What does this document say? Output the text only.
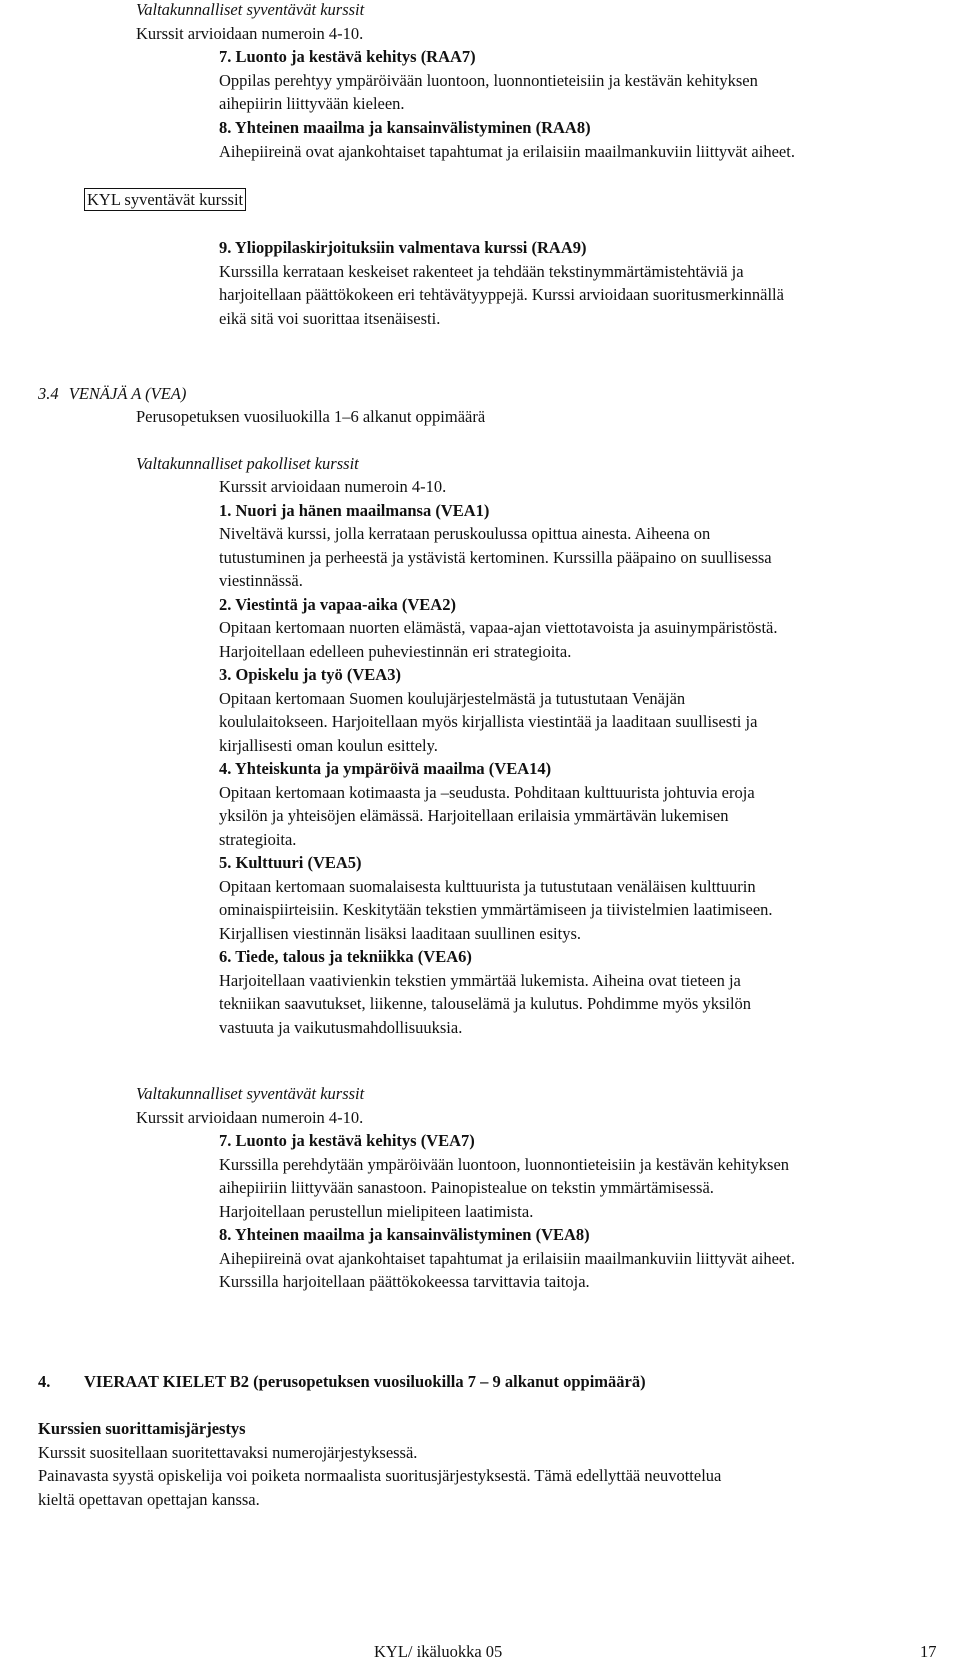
Valtakunnalliset syventävät kurssit
Kurssit arvioidaan numeroin 4-10.
7. Luonto ja kestävä kehitys (RAA7)
Oppilas perehtyy ympäröivään luontoon, luonnontieteisiin ja kestävän kehityksen
aihepiirin liittyvään kieleen.
8. Yhteinen maailma ja kansainvälistyminen (RAA8)
Aihepiireinä ovat ajankohtaiset tapahtumat ja erilaisiin maailmankuviin liittyvät aiheet.
KYL syventävät kurssit
9. Ylioppilaskirjoituksiin valmentava kurssi (RAA9)
Kurssilla kerrataan keskeiset rakenteet ja tehdään tekstinymmärtämistehtäviä ja
harjoitellaan päättökokeen eri tehtävätyyppejä. Kurssi arvioidaan suoritusmerkinnällä
eikä sitä voi suorittaa itsenäisesti.
3.4 VENÄJÄ A (VEA)
Perusopetuksen vuosiluokilla 1–6 alkanut oppimäärä
Valtakunnalliset pakolliset kurssit
Kurssit arvioidaan numeroin 4-10.
1. Nuori ja hänen maailmansa (VEA1)
Niveltävä kurssi, jolla kerrataan peruskoulussa opittua ainesta. Aiheena on
tutustuminen ja perheestä ja ystävistä kertominen. Kurssilla pääpaino on suullisessa
viestinnässä.
2. Viestintä ja vapaa-aika (VEA2)
Opitaan kertomaan nuorten elämästä, vapaa-ajan viettotavoista ja asuinympäristöstä.
Harjoitellaan edelleen puheviestinnän eri strategioita.
3. Opiskelu ja työ (VEA3)
Opitaan kertomaan Suomen koulujärjestelmästä ja tutustutaan Venäjän
koululaitokseen. Harjoitellaan myös kirjallista viestintää ja laaditaan suullisesti ja
kirjallisesti oman koulun esittely.
4. Yhteiskunta ja ympäröivä maailma (VEA14)
Opitaan kertomaan kotimaasta ja –seudusta. Pohditaan kulttuurista johtuvia eroja
yksilön ja yhteisöjen elämässä. Harjoitellaan erilaisia ymmärtävän lukemisen
strategioita.
5. Kulttuuri (VEA5)
Opitaan kertomaan suomalaisesta kulttuurista ja tutustutaan venäläisen kulttuurin
ominaispiirteisiin. Keskitytään tekstien ymmärtämiseen ja tiivistelmien laatimiseen.
Kirjallisen viestinnän lisäksi laaditaan suullinen esitys.
6. Tiede, talous ja tekniikka (VEA6)
Harjoitellaan vaativienkin tekstien ymmärtää lukemista. Aiheina ovat tieteen ja
tekniikan saavutukset, liikenne, talouselämä ja kulutus. Pohdimme myös yksilön
vastuuta ja vaikutusmahdollisuuksia.
Valtakunnalliset syventävät kurssit
Kurssit arvioidaan numeroin 4-10.
7. Luonto ja kestävä kehitys (VEA7)
Kurssilla perehdytään ympäröivään luontoon, luonnontieteisiin ja kestävän kehityksen
aihepiiriin liittyvään sanastoon. Painopistealue on tekstin ymmärtämisessä.
Harjoitellaan perustellun mielipiteen laatimista.
8. Yhteinen maailma ja kansainvälistyminen (VEA8)
Aihepiireinä ovat ajankohtaiset tapahtumat ja erilaisiin maailmankuviin liittyvät aiheet.
Kurssilla harjoitellaan päättökokeessa tarvittavia taitoja.
4. VIERAAT KIELET B2 (perusopetuksen vuosiluokilla 7 – 9 alkanut oppimäärä)
Kurssien suorittamisjärjestys
Kurssit suositellaan suoritettavaksi numerojärjestyksessä.
Painavasta syystä opiskelija voi poiketa normaalista suoritusjärjestyksestä. Tämä edellyttää neuvottelua
kieltä opettavan opettajan kanssa.
KYL/ ikäluokka 05	17
